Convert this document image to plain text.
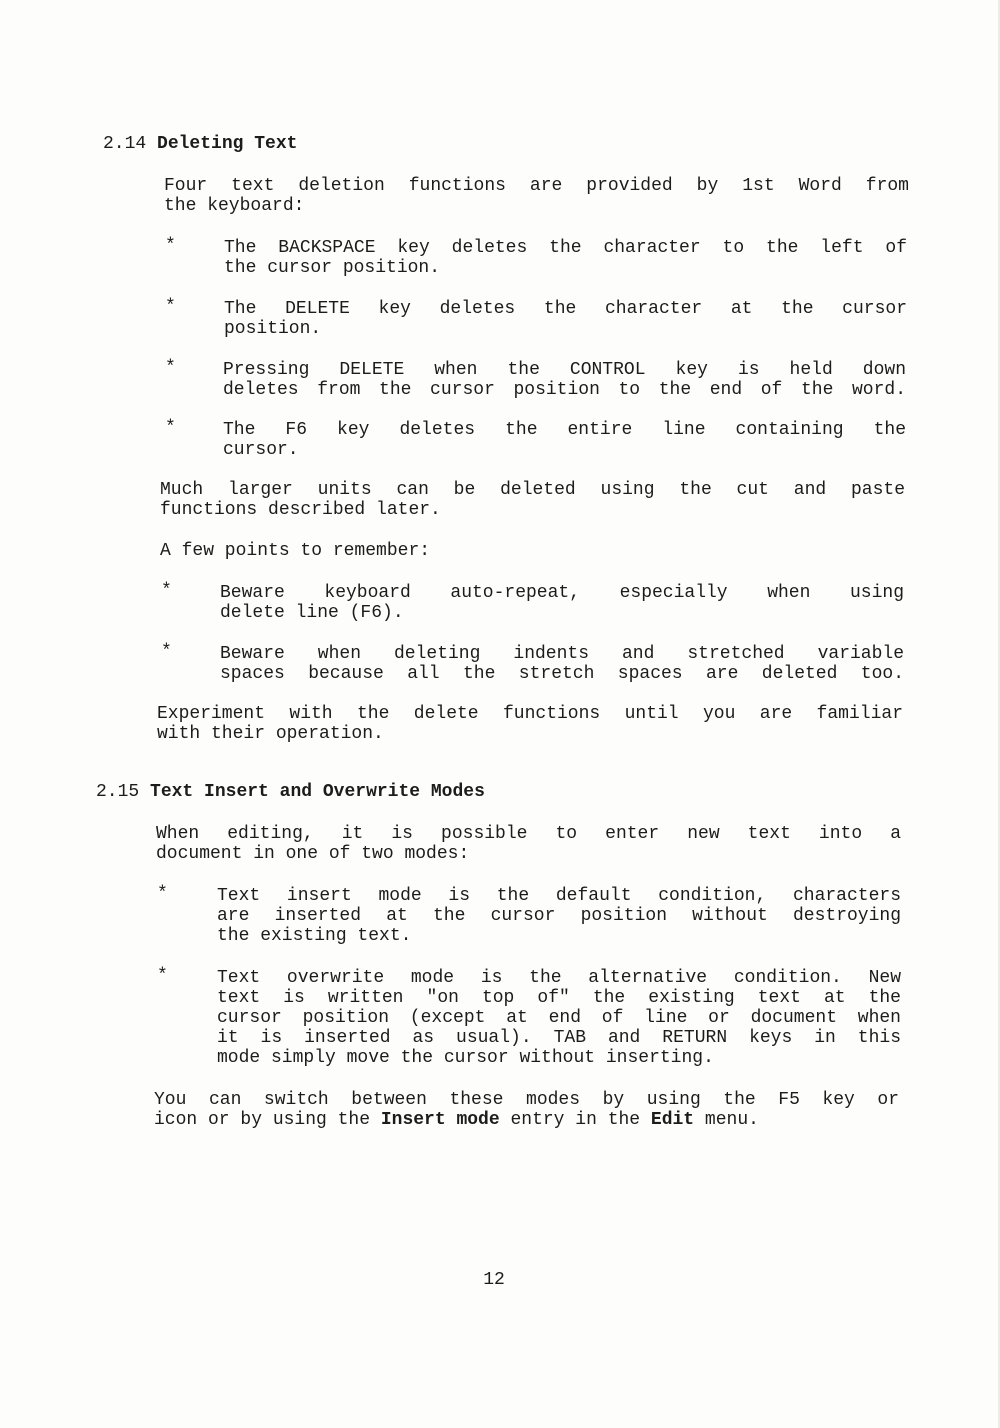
2.14 Deleting Text
Four text deletion functions are provided by 1st Word from
the keyboard:
*	The BACKSPACE key deletes the character to the left of
the cursor position.
*	The DELETE key deletes the character at the cursor
position.
*	Pressing DELETE when the CONTROL key is held down
deletes from the cursor position to the end of the word.
*	The F6 key deletes the entire line containing the
cursor.
Much larger units can be deleted using the cut and paste
functions described later.
A few points to remember:
*	Beware keyboard auto-repeat, especially when using
delete line (F6).
*	Beware when deleting indents and stretched variable
spaces because all the stretch spaces are deleted too.
Experiment with the delete functions until you are familiar
with their operation.
2.15 Text Insert and Overwrite Modes
When editing, it is possible to enter new text into a
document in one of two modes:
*	Text insert mode is the default condition, characters
are inserted at the cursor position without destroying
the existing text.
*	Text overwrite mode is the alternative condition. New
text is written "on top of" the existing text at the
cursor position (except at end of line or document when
it is inserted as usual). TAB and RETURN keys in this
mode simply move the cursor without inserting.
You can switch between these modes by using the F5 key or
icon or by using the Insert mode entry in the Edit menu.
12
